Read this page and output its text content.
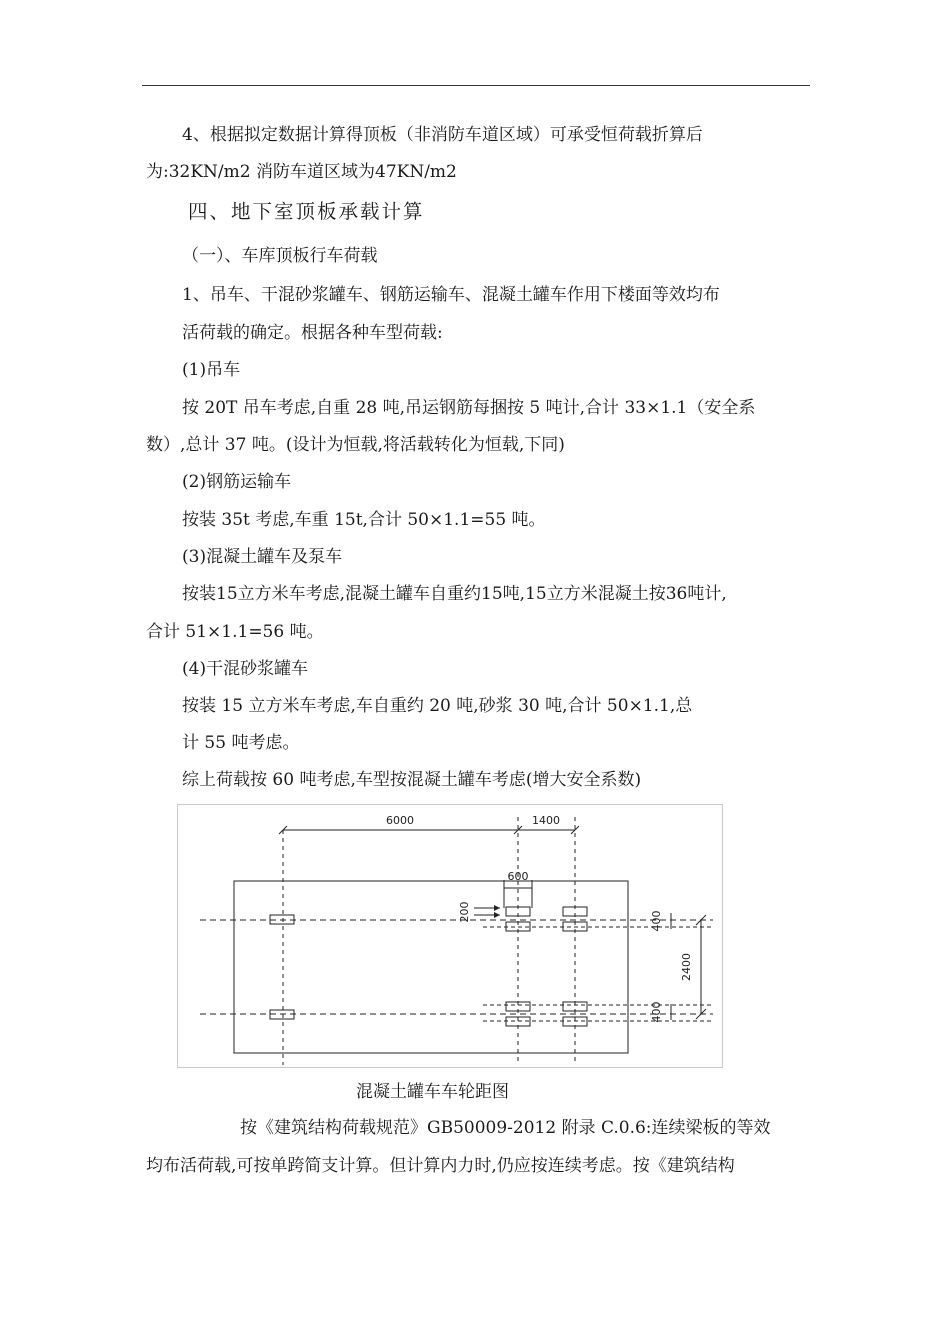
4、根据拟定数据计算得顶板（非消防车道区域）可承受恒荷载折算后
为:32KN/m2 消防车道区域为47KN/m2
四、地下室顶板承载计算
（一）、车库顶板行车荷载
1、吊车、干混砂浆罐车、钢筋运输车、混凝土罐车作用下楼面等效均布
活荷载的确定。根据各种车型荷载:
(1)吊车
按 20T 吊车考虑,自重 28 吨,吊运钢筋每捆按 5 吨计,合计 33×1.1（安全系
数）,总计 37 吨。(设计为恒载,将活载转化为恒载,下同)
(2)钢筋运输车
按装 35t 考虑,车重 15t,合计 50×1.1=55 吨。
(3)混凝土罐车及泵车
按装15立方米车考虑,混凝土罐车自重约15吨,15立方米混凝土按36吨计,
合计 51×1.1=56 吨。
(4)干混砂浆罐车
按装 15 立方米车考虑,车自重约 20 吨,砂浆 30 吨,合计 50×1.1,总
计 55 吨考虑。
综上荷载按 60 吨考虑,车型按混凝土罐车考虑(增大安全系数)
6000	1400
600
200	400
2400
400
混凝土罐车车轮距图
按《建筑结构荷载规范》GB50009-2012 附录 C.0.6:连续梁板的等效
均布活荷载,可按单跨简支计算。但计算内力时,仍应按连续考虑。按《建筑结构
